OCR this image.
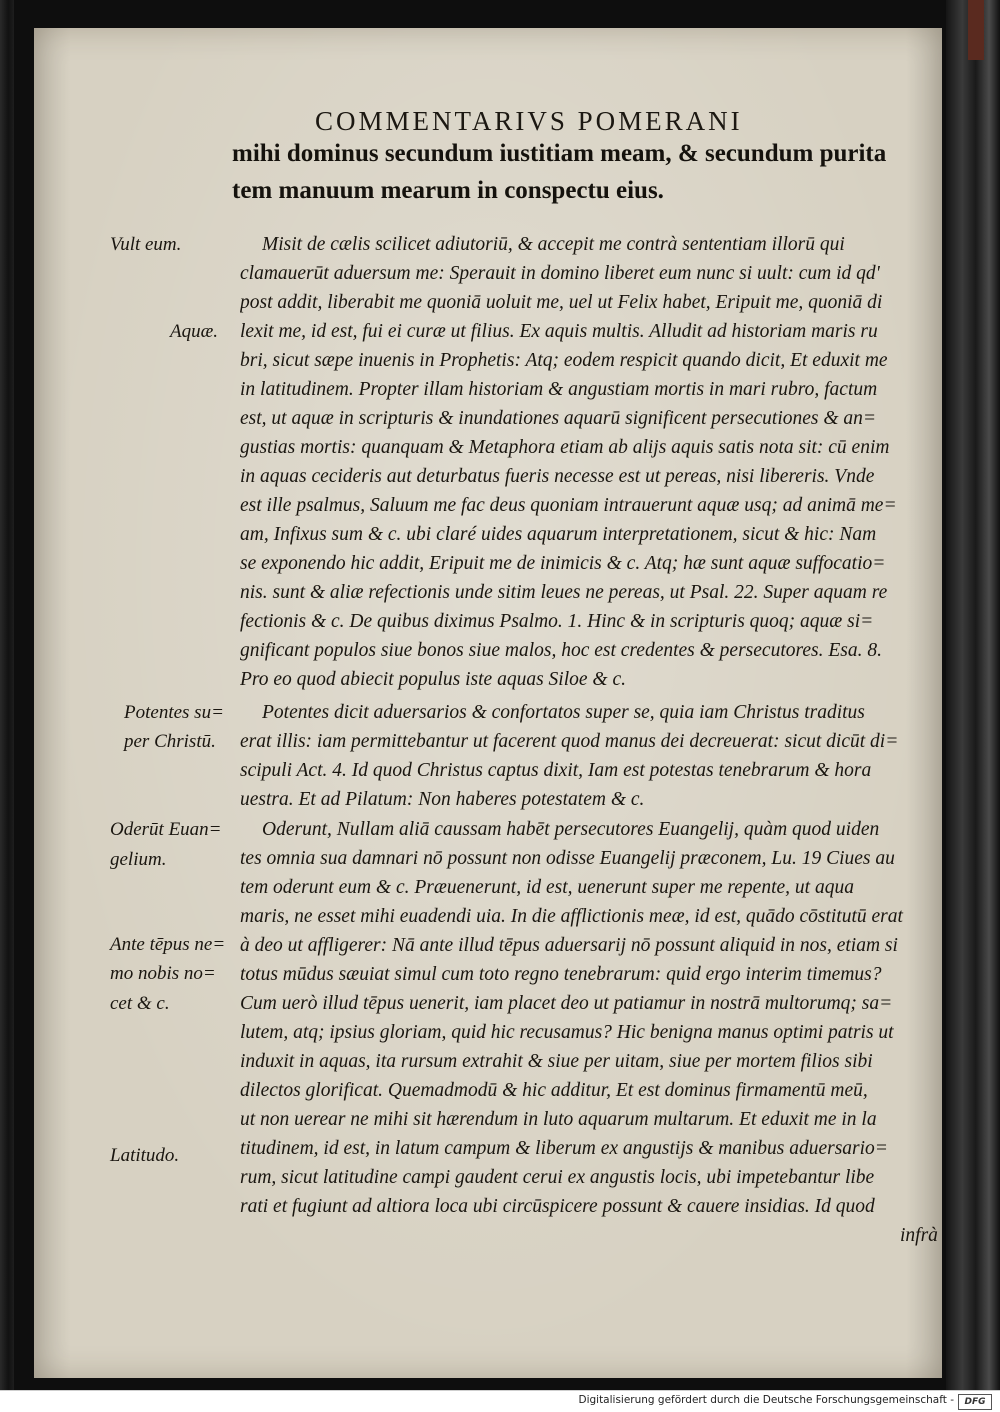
COMMENTARIVS POMERANI
mihi dominus secundum iustitiam meam, & secundum purita
tem manuum mearum in conspectu eius.
Vult eum.
Aquæ.
Potentes su=
per Christū.
Oderūt Euan=
gelium.
Ante tēpus ne=
mo nobis no=
cet & c.
Latitudo.
Misit de cælis scilicet adiutoriū, & accepit me contrà sententiam illorū qui
clamauerūt aduersum me: Sperauit in domino liberet eum nunc si uult: cum id qd'
post addit, liberabit me quoniā uoluit me, uel ut Felix habet, Eripuit me, quoniā di
lexit me, id est, fui ei curæ ut filius. Ex aquis multis. Alludit ad historiam maris ru
bri, sicut sæpe inuenis in Prophetis: Atq; eodem respicit quando dicit, Et eduxit me
in latitudinem. Propter illam historiam & angustiam mortis in mari rubro, factum
est, ut aquæ in scripturis & inundationes aquarū significent persecutiones & an=
gustias mortis: quanquam & Metaphora etiam ab alijs aquis satis nota sit: cū enim
in aquas cecideris aut deturbatus fueris necesse est ut pereas, nisi libereris. Vnde
est ille psalmus, Saluum me fac deus quoniam intrauerunt aquæ usq; ad animā me=
am, Infixus sum & c. ubi claré uides aquarum interpretationem, sicut & hic: Nam
se exponendo hic addit, Eripuit me de inimicis & c. Atq; hæ sunt aquæ suffocatio=
nis. sunt & aliæ refectionis unde sitim leues ne pereas, ut Psal. 22. Super aquam re
fectionis & c. De quibus diximus Psalmo. 1. Hinc & in scripturis quoq; aquæ si=
gnificant populos siue bonos siue malos, hoc est credentes & persecutores. Esa. 8.
Pro eo quod abiecit populus iste aquas Siloe & c.
Potentes dicit aduersarios & confortatos super se, quia iam Christus traditus
erat illis: iam permittebantur ut facerent quod manus dei decreuerat: sicut dicūt di=
scipuli Act. 4. Id quod Christus captus dixit, Iam est potestas tenebrarum & hora
uestra. Et ad Pilatum: Non haberes potestatem & c.
Oderunt, Nullam aliā caussam habēt persecutores Euangelij, quàm quod uiden
tes omnia sua damnari nō possunt non odisse Euangelij præconem, Lu. 19 Ciues au
tem oderunt eum & c. Præuenerunt, id est, uenerunt super me repente, ut aqua
maris, ne esset mihi euadendi uia. In die afflictionis meæ, id est, quādo cōstitutū erat
à deo ut affligerer: Nā ante illud tēpus aduersarij nō possunt aliquid in nos, etiam si
totus mūdus sæuiat simul cum toto regno tenebrarum: quid ergo interim timemus?
Cum uerò illud tēpus uenerit, iam placet deo ut patiamur in nostrā multorumq; sa=
lutem, atq; ipsius gloriam, quid hic recusamus? Hic benigna manus optimi patris ut
induxit in aquas, ita rursum extrahit & siue per uitam, siue per mortem filios sibi
dilectos glorificat. Quemadmodū & hic additur, Et est dominus firmamentū meū,
ut non uerear ne mihi sit hærendum in luto aquarum multarum. Et eduxit me in la
titudinem, id est, in latum campum & liberum ex angustijs & manibus aduersario=
rum, sicut latitudine campi gaudent cerui ex angustis locis, ubi impetebantur libe
rati et fugiunt ad altiora loca ubi circūspicere possunt & cauere insidias. Id quod
infrà
Digitalisierung gefördert durch die Deutsche Forschungsgemeinschaft -	DFG
